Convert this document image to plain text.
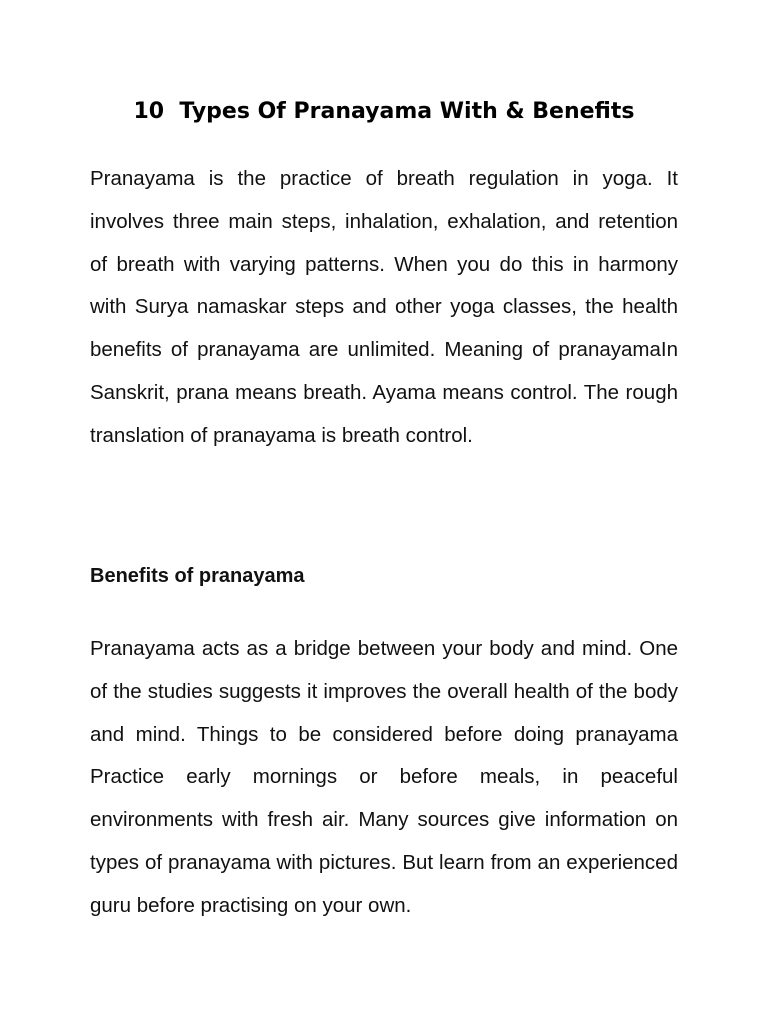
10  Types Of Pranayama With & Benefits

Pranayama is the practice of breath regulation in yoga. It involves three main steps, inhalation, exhalation, and retention of breath with varying patterns. When you do this in harmony with Surya namaskar steps and other yoga classes, the health benefits of pranayama are unlimited. Meaning of pranayamaIn Sanskrit, prana means breath. Ayama means control. The rough translation of pranayama is breath control.

Benefits of pranayama

Pranayama acts as a bridge between your body and mind. One of the studies suggests it improves the overall health of the body and mind. Things to be considered before doing pranayama Practice early mornings or before meals, in peaceful environments with fresh air. Many sources give information on types of pranayama with pictures. But learn from an experienced guru before practising on your own.
